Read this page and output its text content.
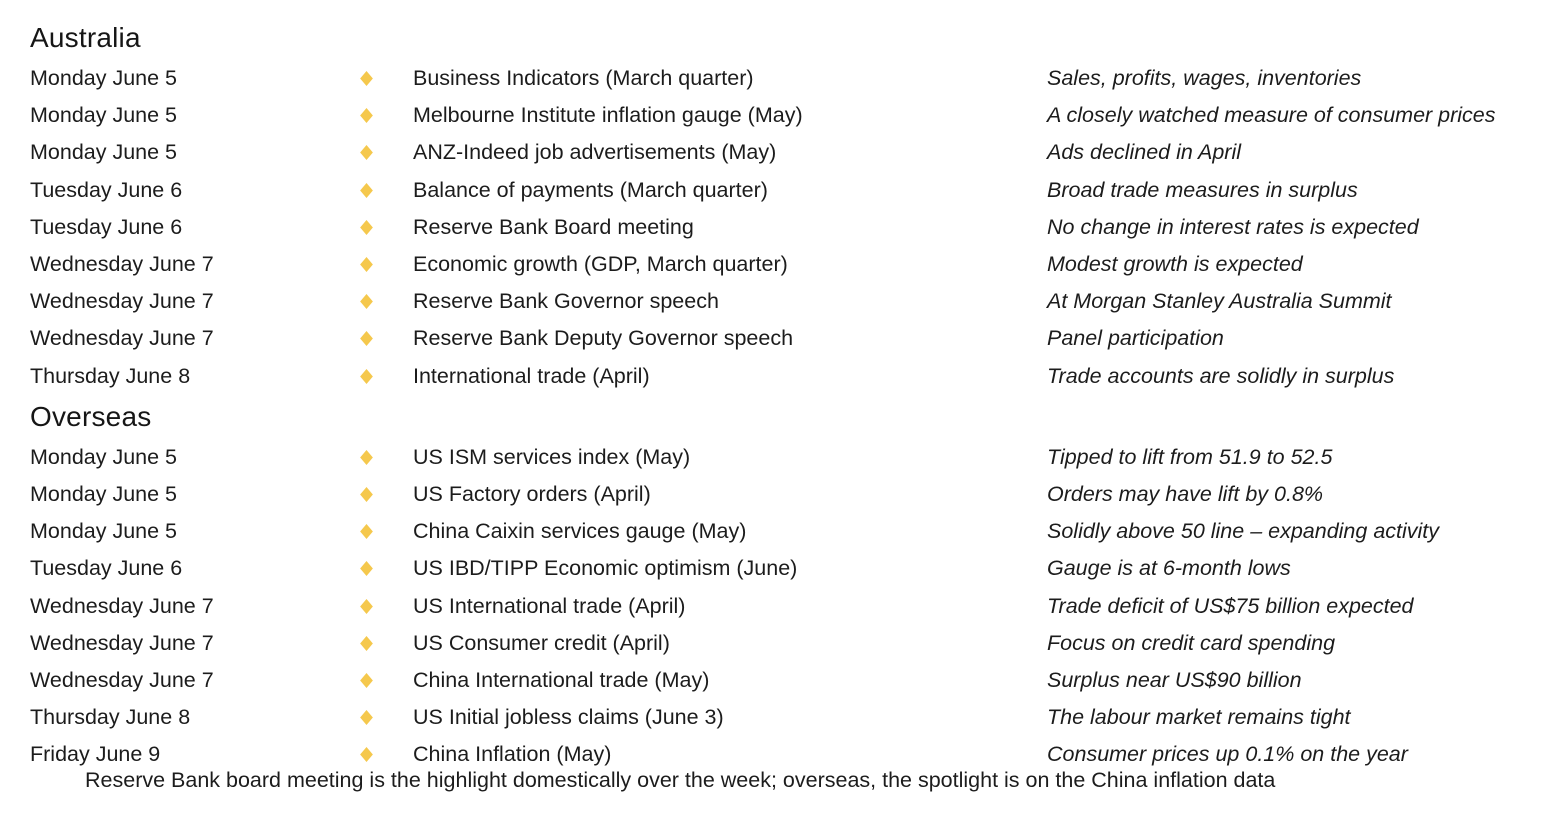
Australia
Monday June 5	Business Indicators (March quarter)	Sales, profits, wages, inventories
Monday June 5	Melbourne Institute inflation gauge (May)	A closely watched measure of consumer prices
Monday June 5	ANZ-Indeed job advertisements (May)	Ads declined in April
Tuesday June 6	Balance of payments (March quarter)	Broad trade measures in surplus
Tuesday June 6	Reserve Bank Board meeting	No change in interest rates is expected
Wednesday June 7	Economic growth (GDP, March quarter)	Modest growth is expected
Wednesday June 7	Reserve Bank Governor speech	At Morgan Stanley Australia Summit
Wednesday June 7	Reserve Bank Deputy Governor speech	Panel participation
Thursday June 8	International trade (April)	Trade accounts are solidly in surplus
Overseas
Monday June 5	US ISM services index (May)	Tipped to lift from 51.9 to 52.5
Monday June 5	US Factory orders (April)	Orders may have lift by 0.8%
Monday June 5	China Caixin services gauge (May)	Solidly above 50 line – expanding activity
Tuesday June 6	US IBD/TIPP Economic optimism (June)	Gauge is at 6-month lows
Wednesday June 7	US International trade (April)	Trade deficit of US$75 billion expected
Wednesday June 7	US Consumer credit (April)	Focus on credit card spending
Wednesday June 7	China International trade (May)	Surplus near US$90 billion
Thursday June 8	US Initial jobless claims (June 3)	The labour market remains tight
Friday June 9	China Inflation (May)	Consumer prices up 0.1% on the year
Reserve Bank board meeting is the highlight domestically over the week; overseas, the spotlight is on the China inflation data
